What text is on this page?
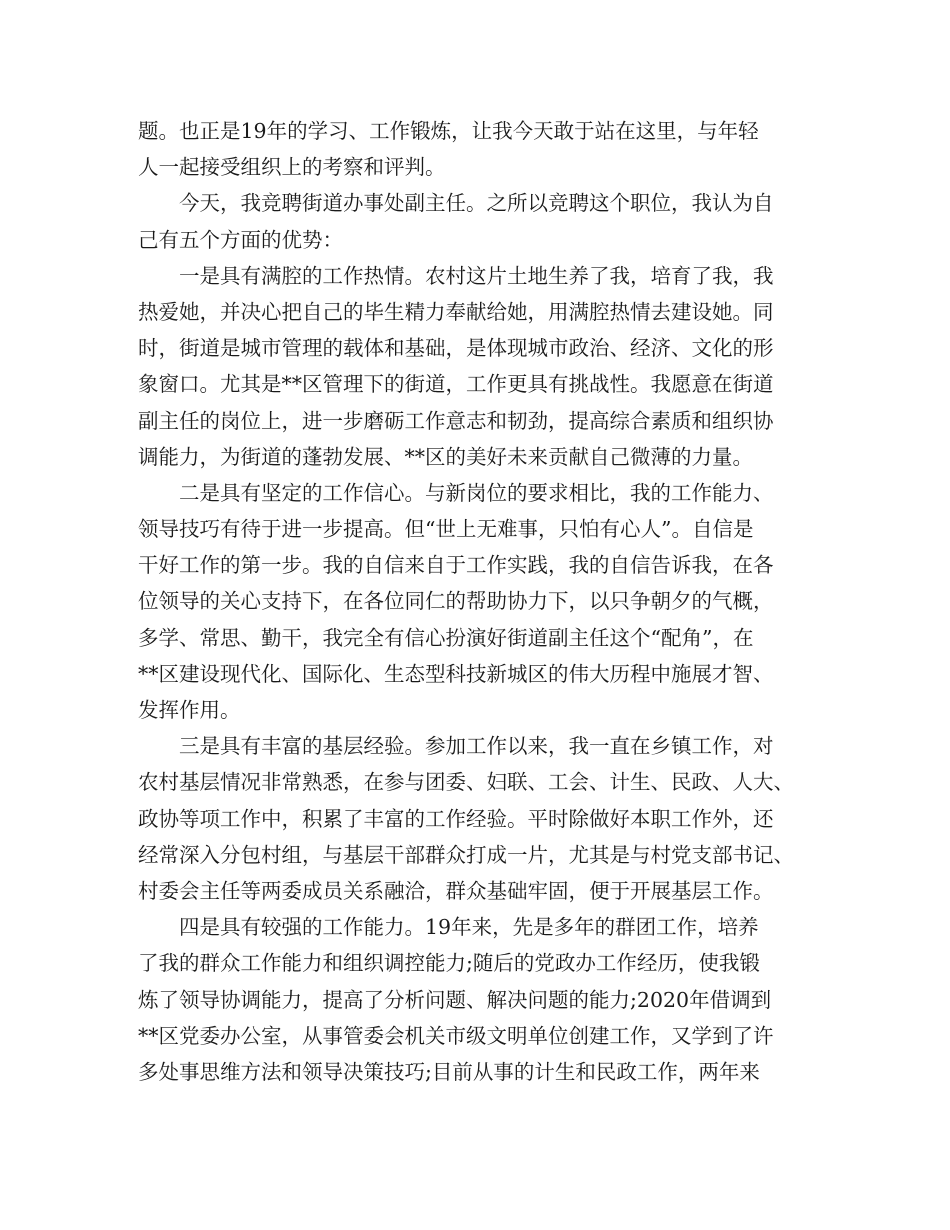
题。也正是19年的学习、工作锻炼，让我今天敢于站在这里，与年轻
人一起接受组织上的考察和评判。
　　今天，我竞聘街道办事处副主任。之所以竞聘这个职位，我认为自
己有五个方面的优势：
　　一是具有满腔的工作热情。农村这片土地生养了我，培育了我，我
热爱她，并决心把自己的毕生精力奉献给她，用满腔热情去建设她。同
时，街道是城市管理的载体和基础，是体现城市政治、经济、文化的形
象窗口。尤其是**区管理下的街道，工作更具有挑战性。我愿意在街道
副主任的岗位上，进一步磨砺工作意志和韧劲，提高综合素质和组织协
调能力，为街道的蓬勃发展、**区的美好未来贡献自己微薄的力量。
　　二是具有坚定的工作信心。与新岗位的要求相比，我的工作能力、
领导技巧有待于进一步提高。但“世上无难事，只怕有心人”。自信是
干好工作的第一步。我的自信来自于工作实践，我的自信告诉我，在各
位领导的关心支持下，在各位同仁的帮助协力下，以只争朝夕的气概，
多学、常思、勤干，我完全有信心扮演好街道副主任这个“配角”，在
**区建设现代化、国际化、生态型科技新城区的伟大历程中施展才智、
发挥作用。
　　三是具有丰富的基层经验。参加工作以来，我一直在乡镇工作，对
农村基层情况非常熟悉，在参与团委、妇联、工会、计生、民政、人大、
政协等项工作中，积累了丰富的工作经验。平时除做好本职工作外，还
经常深入分包村组，与基层干部群众打成一片，尤其是与村党支部书记、
村委会主任等两委成员关系融洽，群众基础牢固，便于开展基层工作。
　　四是具有较强的工作能力。19年来，先是多年的群团工作，培养
了我的群众工作能力和组织调控能力;随后的党政办工作经历，使我锻
炼了领导协调能力，提高了分析问题、解决问题的能力;2020年借调到
**区党委办公室，从事管委会机关市级文明单位创建工作，又学到了许
多处事思维方法和领导决策技巧;目前从事的计生和民政工作，两年来
